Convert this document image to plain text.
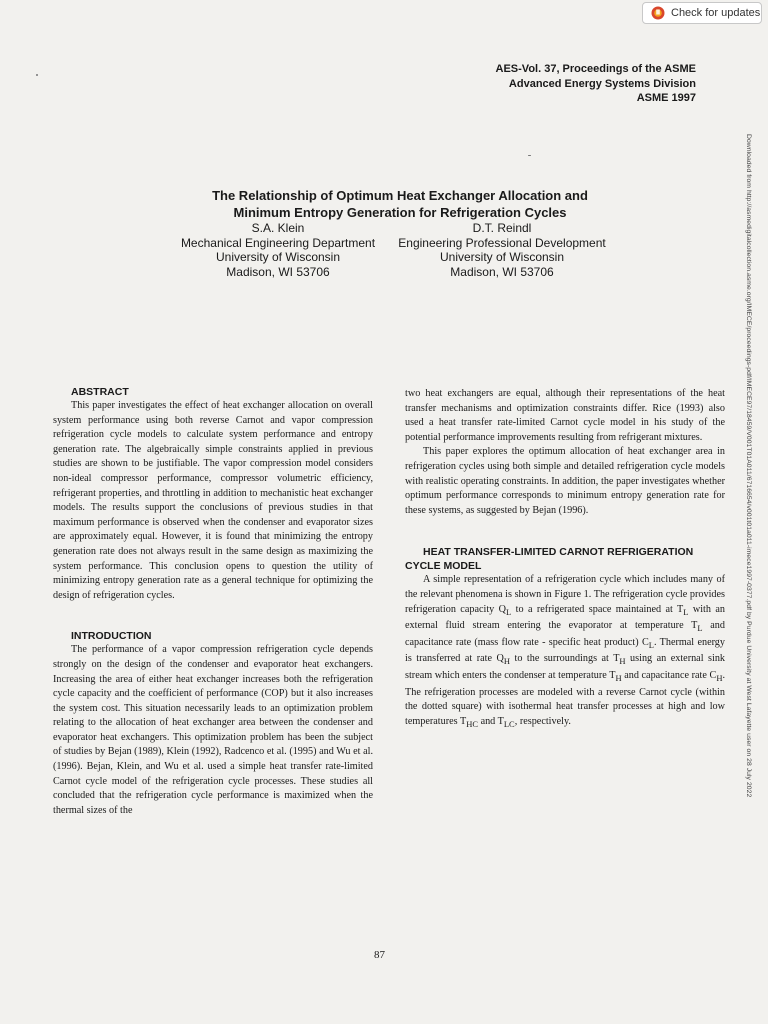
Check for updates
AES-Vol. 37, Proceedings of the ASME
Advanced Energy Systems Division
ASME 1997
The Relationship of Optimum Heat Exchanger Allocation and
Minimum Entropy Generation for Refrigeration Cycles
S.A. Klein
Mechanical Engineering Department
University of Wisconsin
Madison, WI 53706
D.T. Reindl
Engineering Professional Development
University of Wisconsin
Madison, WI 53706

ABSTRACT

This paper investigates the effect of heat exchanger allocation on overall system performance using both reverse Carnot and vapor compression refrigeration cycle models to calculate system performance and entropy generation rate. The algebraically simple constraints applied in previous studies are shown to be justifiable. The vapor compression model considers non-ideal compressor performance, compressor volumetric efficiency, refrigerant properties, and throttling in addition to mechanistic heat exchanger models. The results support the conclusions of previous studies in that maximum performance is observed when the condenser and evaporator sizes are approximately equal. However, it is found that minimizing the entropy generation rate does not always result in the same design as maximizing the system performance. This conclusion opens to question the utility of minimizing entropy generation rate as a general technique for optimizing the design of refrigeration cycles.

INTRODUCTION

The performance of a vapor compression refrigeration cycle depends strongly on the design of the condenser and evaporator heat exchangers. Increasing the area of either heat exchanger increases both the refrigeration cycle capacity and the coefficient of performance (COP) but it also increases the system cost. This situation necessarily leads to an optimization problem relating to the allocation of heat exchanger area between the condenser and evaporator heat exchangers. This optimization problem has been the subject of studies by Bejan (1989), Klein (1992), Radcenco et al. (1995) and Wu et al. (1996). Bejan, Klein, and Wu et al. used a simple heat transfer rate-limited Carnot cycle model of the refrigeration cycle processes. These studies all concluded that the refrigeration cycle performance is maximized when the thermal sizes of the

two heat exchangers are equal, although their representations of the heat transfer mechanisms and optimization constraints differ. Rice (1993) also used a heat transfer rate-limited Carnot cycle model in his study of the potential performance improvements resulting from refrigerant mixtures.

This paper explores the optimum allocation of heat exchanger area in refrigeration cycles using both simple and detailed refrigeration cycle models with realistic operating constraints. In addition, the paper investigates whether optimum performance corresponds to minimum entropy generation rate for these systems, as suggested by Bejan (1996).

HEAT TRANSFER-LIMITED CARNOT REFRIGERATION
CYCLE MODEL

A simple representation of a refrigeration cycle which includes many of the relevant phenomena is shown in Figure 1. The refrigeration cycle provides refrigeration capacity $Q_L$ to a refrigerated space maintained at $T_L$ with an external fluid stream entering the evaporator at temperature $T_L$ and capacitance rate (mass flow rate - specific heat product) $C_L$. Thermal energy is transferred at rate $Q_H$ to the surroundings at $T_H$ using an external sink stream which enters the condenser at temperature $T_H$ and capacitance rate $C_H$. The refrigeration processes are modeled with a reverse Carnot cycle (within the dotted square) with isothermal heat transfer processes at high and low temperatures $T_{HC}$ and $T_{LC}$, respectively.

87
Downloaded from http://asmedigitalcollection.asme.org/IMECE/proceedings-pdf/IMECE97/18459/V001T01A011/6716654/v001t01a011-imece1997-0377.pdf by Purdue University at West Lafayette user on 28 July 2022
